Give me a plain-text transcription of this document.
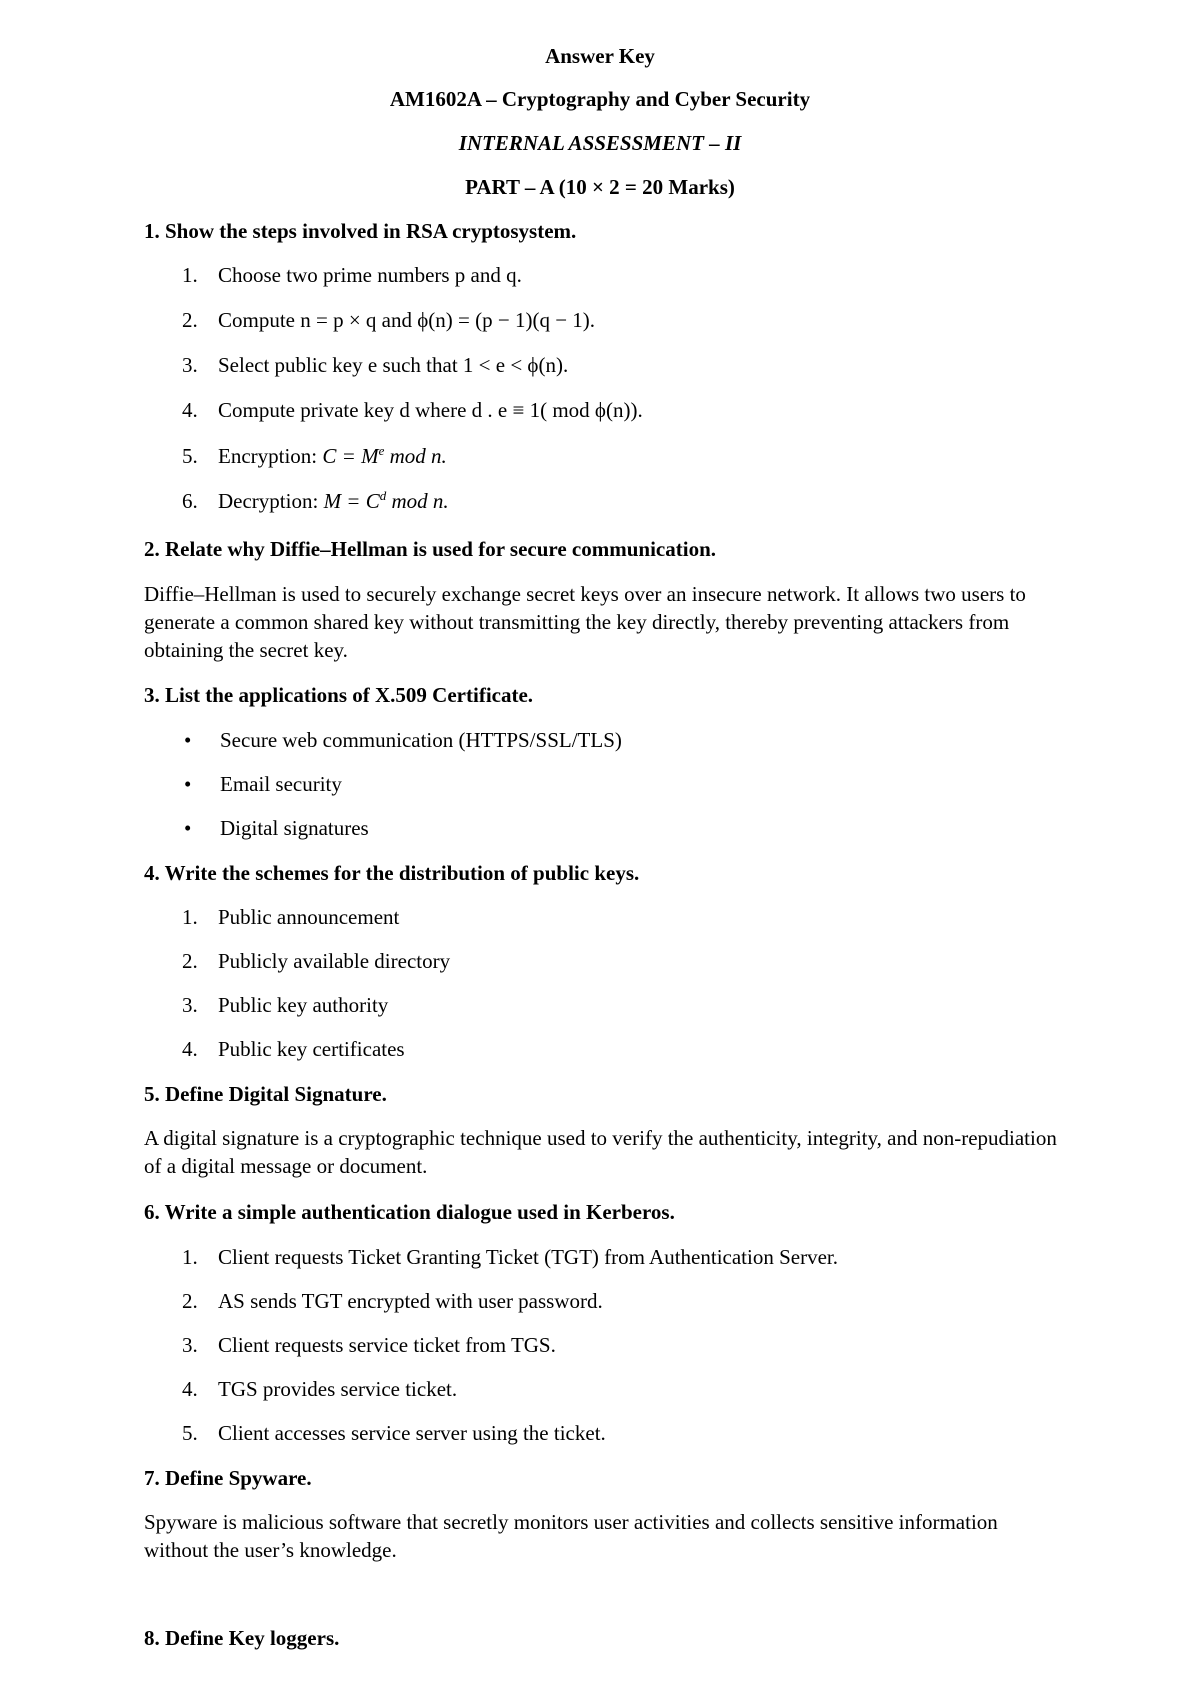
Answer Key
AM1602A – Cryptography and Cyber Security
INTERNAL ASSESSMENT – II
PART – A (10 × 2 = 20 Marks)
1. Show the steps involved in RSA cryptosystem.
1. Choose two prime numbers p and q.
2. Compute n = p × q and ϕ(n) = (p − 1)(q − 1).
3. Select public key e such that 1 < e < ϕ(n).
4. Compute private key d where d . e ≡ 1( mod ϕ(n)).
5. Encryption: $C = M^e$ mod n.
6. Decryption: $M = C^d$ mod n.
2. Relate why Diffie–Hellman is used for secure communication.
Diffie–Hellman is used to securely exchange secret keys over an insecure network. It allows two users to generate a common shared key without transmitting the key directly, thereby preventing attackers from obtaining the secret key.
3. List the applications of X.509 Certificate.
• Secure web communication (HTTPS/SSL/TLS)
• Email security
• Digital signatures
4. Write the schemes for the distribution of public keys.
1. Public announcement
2. Publicly available directory
3. Public key authority
4. Public key certificates
5. Define Digital Signature.
A digital signature is a cryptographic technique used to verify the authenticity, integrity, and non-repudiation of a digital message or document.
6. Write a simple authentication dialogue used in Kerberos.
1. Client requests Ticket Granting Ticket (TGT) from Authentication Server.
2. AS sends TGT encrypted with user password.
3. Client requests service ticket from TGS.
4. TGS provides service ticket.
5. Client accesses service server using the ticket.
7. Define Spyware.
Spyware is malicious software that secretly monitors user activities and collects sensitive information without the user’s knowledge.
8. Define Key loggers.
